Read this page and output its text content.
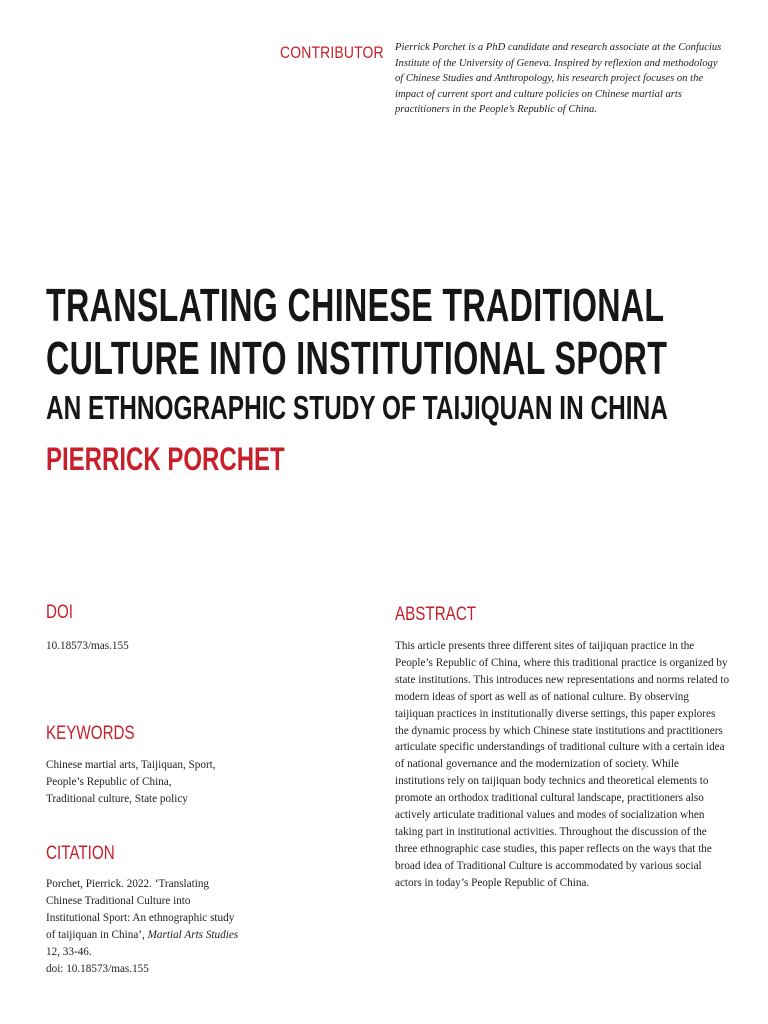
CONTRIBUTOR	Pierrick Porchet is a PhD candidate and research associate at the Confucius Institute of the University of Geneva. Inspired by reflexion and methodology of Chinese Studies and Anthropology, his research project focuses on the impact of current sport and culture policies on Chinese martial arts practitioners in the People’s Republic of China.
TRANSLATING CHINESE TRADITIONAL
CULTURE INTO INSTITUTIONAL SPORT
AN ETHNOGRAPHIC STUDY OF TAIJIQUAN IN CHINA
PIERRICK PORCHET
DOI
10.18573/mas.155
KEYWORDS
Chinese martial arts, Taijiquan, Sport, People’s Republic of China, Traditional culture, State policy
CITATION
Porchet, Pierrick. 2022. ‘Translating Chinese Traditional Culture into Institutional Sport: An ethnographic study of taijiquan in China’, Martial Arts Studies 12, 33-46.
doi: 10.18573/mas.155
ABSTRACT
This article presents three different sites of taijiquan practice in the People’s Republic of China, where this traditional practice is organized by state institutions. This introduces new representations and norms related to modern ideas of sport as well as of national culture. By observing taijiquan practices in institutionally diverse settings, this paper explores the dynamic process by which Chinese state institutions and practitioners articulate specific understandings of traditional culture with a certain idea of national governance and the modernization of society. While institutions rely on taijiquan body technics and theoretical elements to promote an orthodox traditional cultural landscape, practitioners also actively articulate traditional values and modes of socialization when taking part in institutional activities. Throughout the discussion of the three ethnographic case studies, this paper reflects on the ways that the broad idea of Traditional Culture is accommodated by various social actors in today’s People Republic of China.
